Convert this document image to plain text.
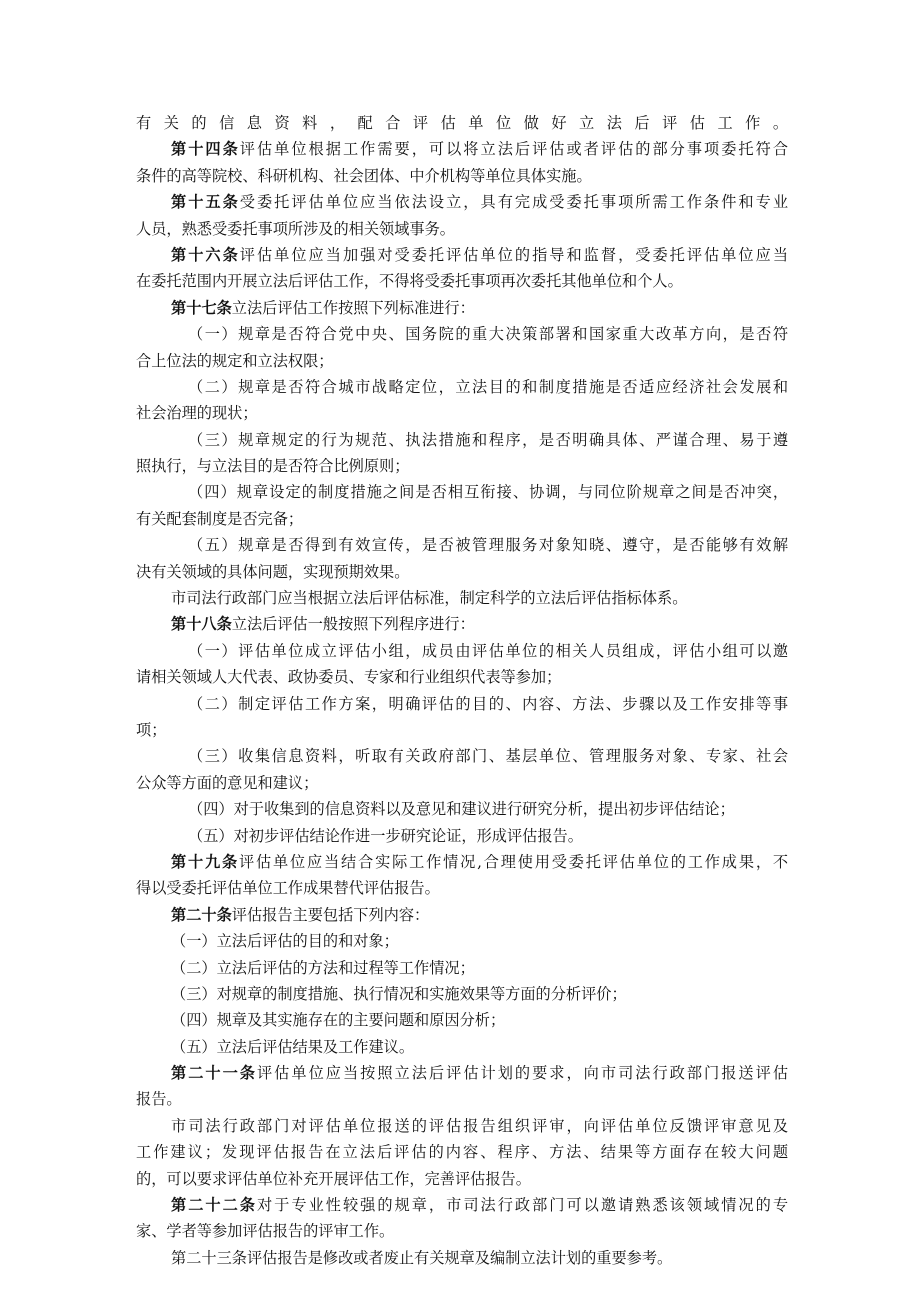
有关的信息资料，配合评估单位做好立法后评估工作。
第十四条评估单位根据工作需要，可以将立法后评估或者评估的部分事项委托符合
条件的高等院校、科研机构、社会团体、中介机构等单位具体实施。
第十五条受委托评估单位应当依法设立，具有完成受委托事项所需工作条件和专业
人员，熟悉受委托事项所涉及的相关领域事务。
第十六条评估单位应当加强对受委托评估单位的指导和监督，受委托评估单位应当
在委托范围内开展立法后评估工作，不得将受委托事项再次委托其他单位和个人。
第十七条立法后评估工作按照下列标准进行：
（一）规章是否符合党中央、国务院的重大决策部署和国家重大改革方向，是否符
合上位法的规定和立法权限；
（二）规章是否符合城市战略定位，立法目的和制度措施是否适应经济社会发展和
社会治理的现状；
（三）规章规定的行为规范、执法措施和程序，是否明确具体、严谨合理、易于遵
照执行，与立法目的是否符合比例原则；
（四）规章设定的制度措施之间是否相互衔接、协调，与同位阶规章之间是否冲突，
有关配套制度是否完备；
（五）规章是否得到有效宣传，是否被管理服务对象知晓、遵守，是否能够有效解
决有关领域的具体问题，实现预期效果。
市司法行政部门应当根据立法后评估标准，制定科学的立法后评估指标体系。
第十八条立法后评估一般按照下列程序进行：
（一）评估单位成立评估小组，成员由评估单位的相关人员组成，评估小组可以邀
请相关领域人大代表、政协委员、专家和行业组织代表等参加；
（二）制定评估工作方案，明确评估的目的、内容、方法、步骤以及工作安排等事
项；
（三）收集信息资料，听取有关政府部门、基层单位、管理服务对象、专家、社会
公众等方面的意见和建议；
（四）对于收集到的信息资料以及意见和建议进行研究分析，提出初步评估结论；
（五）对初步评估结论作进一步研究论证，形成评估报告。
第十九条评估单位应当结合实际工作情况,合理使用受委托评估单位的工作成果，不
得以受委托评估单位工作成果替代评估报告。
第二十条评估报告主要包括下列内容：
（一）立法后评估的目的和对象；
（二）立法后评估的方法和过程等工作情况；
（三）对规章的制度措施、执行情况和实施效果等方面的分析评价；
（四）规章及其实施存在的主要问题和原因分析；
（五）立法后评估结果及工作建议。
第二十一条评估单位应当按照立法后评估计划的要求，向市司法行政部门报送评估
报告。
市司法行政部门对评估单位报送的评估报告组织评审，向评估单位反馈评审意见及
工作建议；发现评估报告在立法后评估的内容、程序、方法、结果等方面存在较大问题
的，可以要求评估单位补充开展评估工作，完善评估报告。
第二十二条对于专业性较强的规章，市司法行政部门可以邀请熟悉该领域情况的专
家、学者等参加评估报告的评审工作。
第二十三条评估报告是修改或者废止有关规章及编制立法计划的重要参考。
